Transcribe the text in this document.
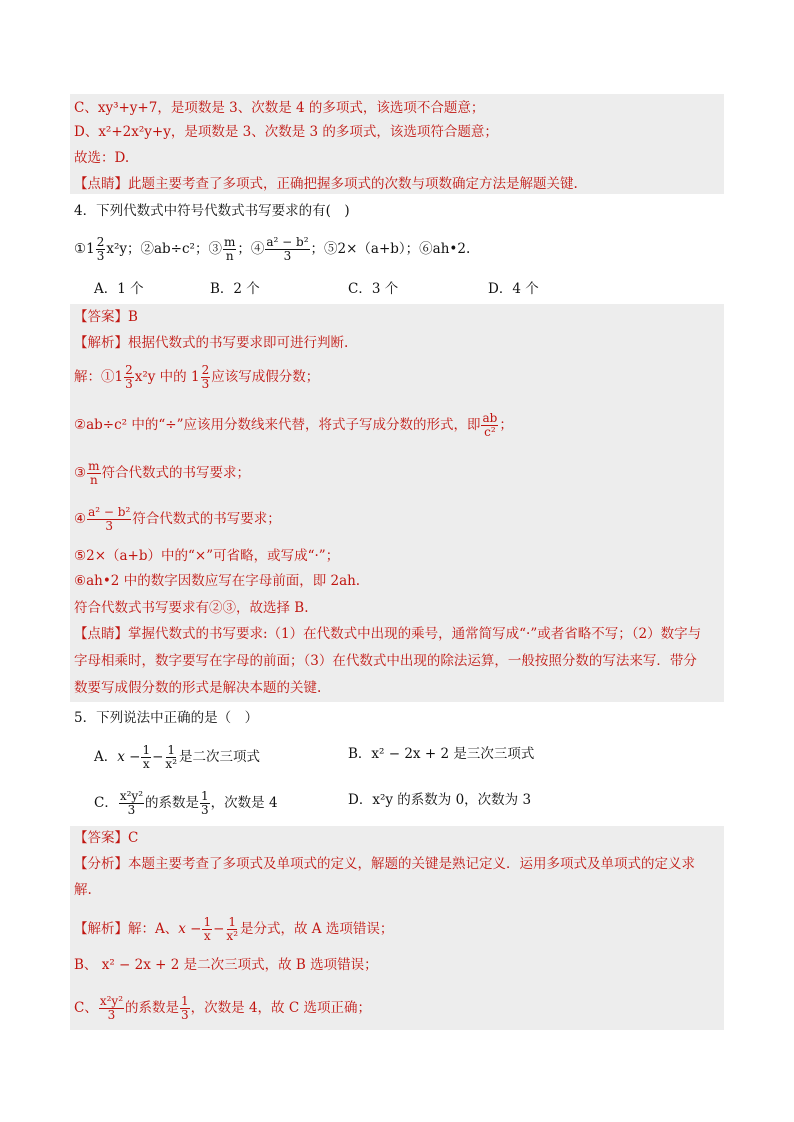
C、xy³+y+7，是项数是 3、次数是 4 的多项式，该选项不合题意；
D、x²+2x²y+y，是项数是 3、次数是 3 的多项式，该选项符合题意；
故选：D.
【点睛】此题主要考查了多项式，正确把握多项式的次数与项数确定方法是解题关键.
4．下列代数式中符号代数式书写要求的有(　)
①1 $\frac{2}{3} x^2y$；②ab÷c²；③ $\frac{m}{n}$ ；④ $\frac{\text{a² − b²}}{3}$ ；⑤2×（a+b）；⑥ah•2.
A．1 个	B．2 个	C．3 个	D．4 个
【答案】B
【解析】根据代数式的书写要求即可进行判断.
解：①1 $\frac{2}{3} x^2y$ 中的 $1 \frac{2}{3}$ 应该写成假分数；
②ab÷c² 中的“÷”应该用分数线来代替，将式子写成分数的形式，即 $\frac{ab}{\text{c²}}$ ；
③ $\frac{m}{n}$ 符合代数式的书写要求；
④ $\frac{\text{a² − b²}}{3}$ 符合代数式的书写要求；
⑤2×（a+b）中的“×”可省略，或写成“·”；
⑥ah•2 中的数字因数应写在字母前面，即 2ah.
符合代数式书写要求有②③，故选择 B.
【点睛】掌握代数式的书写要求:（1）在代数式中出现的乘号，通常简写成“·”或者省略不写；（2）数字与
字母相乘时，数字要写在字母的前面；（3）在代数式中出现的除法运算，一般按照分数的写法来写．带分
数要写成假分数的形式是解决本题的关键.
5．下列说法中正确的是（　）
A．$x - \frac{1}{x} - \frac{1}{\text{x²}}$ 是二次三项式	B．x² − 2x + 2 是三次三项式
C． $\frac{\text{x²y²}}{3}$ 的系数是 $\frac{1}{3}$ ，次数是 4	D．x²y 的系数为 0，次数为 3
【答案】C
【分析】本题主要考查了多项式及单项式的定义，解题的关键是熟记定义．运用多项式及单项式的定义求
解.
【解析】解：A、$x - \frac{1}{x} - \frac{1}{\text{x²}}$ 是分式，故 A 选项错误；
B、 x² − 2x + 2 是二次三项式，故 B 选项错误；
C、 $\frac{\text{x²y²}}{3}$ 的系数是 $\frac{1}{3}$ ，次数是 4，故 C 选项正确；
